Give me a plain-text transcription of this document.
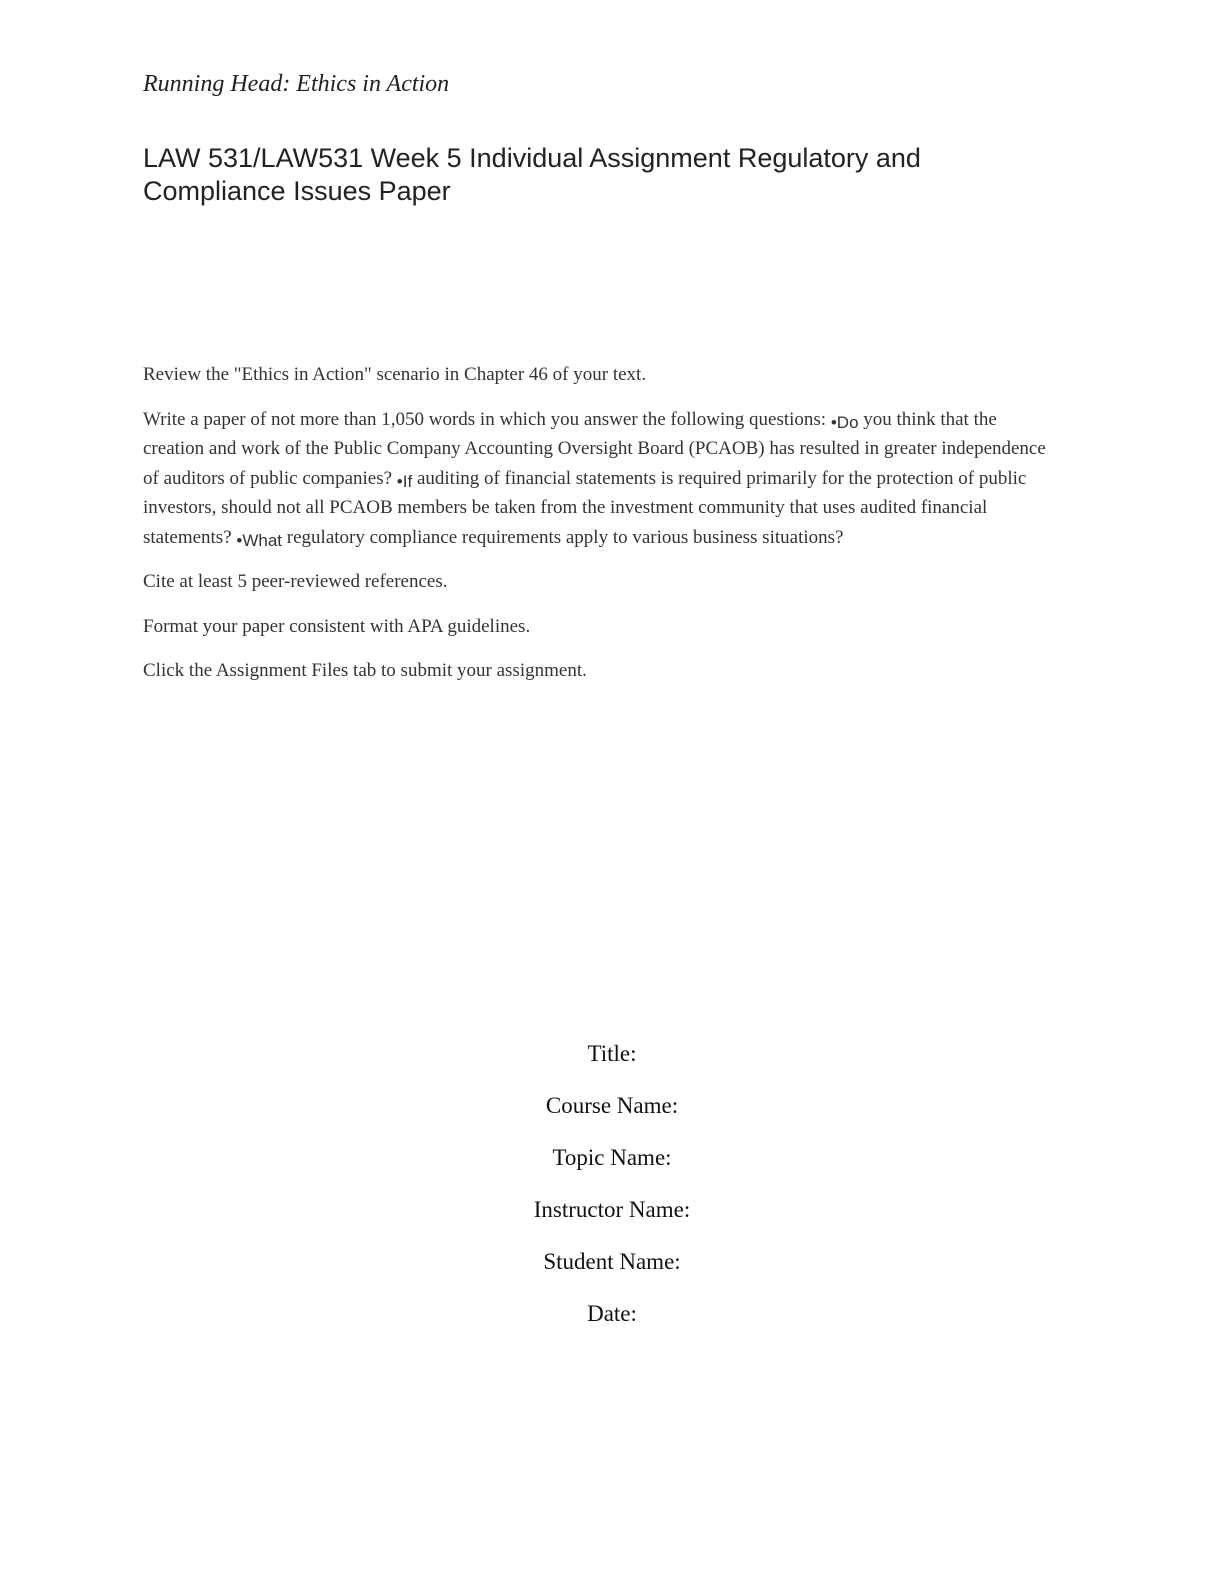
Running Head: Ethics in Action
LAW 531/LAW531 Week 5 Individual Assignment Regulatory and
Compliance Issues Paper

Review the "Ethics in Action" scenario in Chapter 46 of your text.

Write a paper of not more than 1,050 words in which you answer the following questions: •Do you think that the creation and work of the Public Company Accounting Oversight Board (PCAOB) has resulted in greater independence of auditors of public companies? •If auditing of financial statements is required primarily for the protection of public investors, should not all PCAOB members be taken from the investment community that uses audited financial statements? •What regulatory compliance requirements apply to various business situations?

Cite at least 5 peer-reviewed references.

Format your paper consistent with APA guidelines.

Click the Assignment Files tab to submit your assignment.

Title:
Course Name:
Topic Name:
Instructor Name:
Student Name:
Date:
